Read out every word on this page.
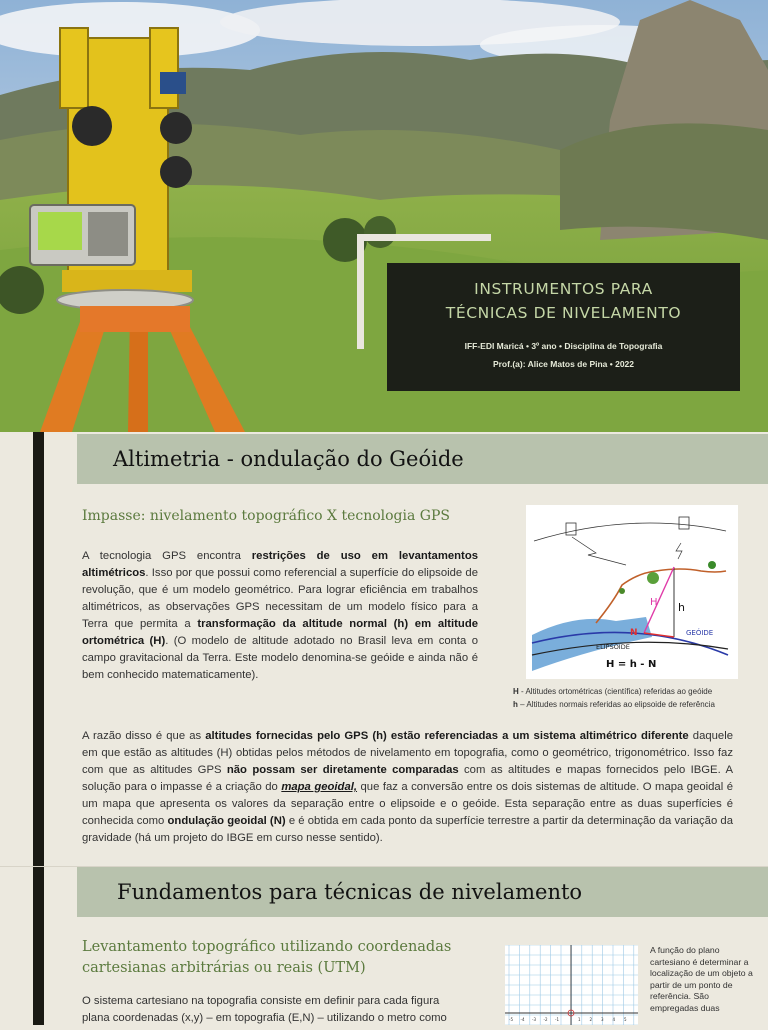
INSTRUMENTOS PARA
TÉCNICAS DE NIVELAMENTO
IFF-EDI Maricá • 3º ano • Disciplina de Topografia
Prof.(a): Alice Matos de Pina • 2022
Altimetria - ondulação do Geóide

Impasse: nivelamento topográfico X tecnologia GPS

A tecnologia GPS encontra restrições de uso em levantamentos altimétricos. Isso por que possui como referencial a superfície do elipsoide de revolução, que é um modelo geométrico. Para lograr eficiência em trabalhos altimétricos, as observações GPS necessitam de um modelo físico para a Terra que permita a transformação da altitude normal (h) em altitude ortométrica (H). (O modelo de altitude adotado no Brasil leva em conta o campo gravitacional da Terra. Este modelo denomina-se geóide e ainda não é bem conhecido matematicamente).

H h
N	GEÓIDE
ELIPSÓIDE
H = h - N
H - Altitudes ortométricas (científica) referidas ao geóide
h – Altitudes normais referidas ao elipsoide de referência

A razão disso é que as altitudes fornecidas pelo GPS (h) estão referenciadas a um sistema altimétrico diferente daquele em que estão as altitudes (H) obtidas pelos métodos de nivelamento em topografia, como o geométrico, trigonométrico. Isso faz com que as altitudes GPS não possam ser diretamente comparadas com as altitudes e mapas fornecidos pelo IBGE. A solução para o impasse é a criação do mapa geoidal, que faz a conversão entre os dois sistemas de altitude. O mapa geoidal é um mapa que apresenta os valores da separação entre o elipsoide e o geóide. Esta separação entre as duas superfícies é conhecida como ondulação geoidal (N) e é obtida em cada ponto da superfície terrestre a partir da determinação da variação da gravidade (há um projeto do IBGE em curso nesse sentido).

Fundamentos para técnicas de nivelamento

Levantamento topográfico utilizando coordenadas
cartesianas arbitrárias ou reais (UTM)

O sistema cartesiano na topografia consiste em definir para cada figura
plana coordenadas (x,y) – em topografia (E,N) – utilizando o metro como	-5 -4 -3 -2 -1	1 2 3 4 5
A função do plano cartesiano é determinar a localização de um objeto a partir de um ponto de referência. São empregadas duas
